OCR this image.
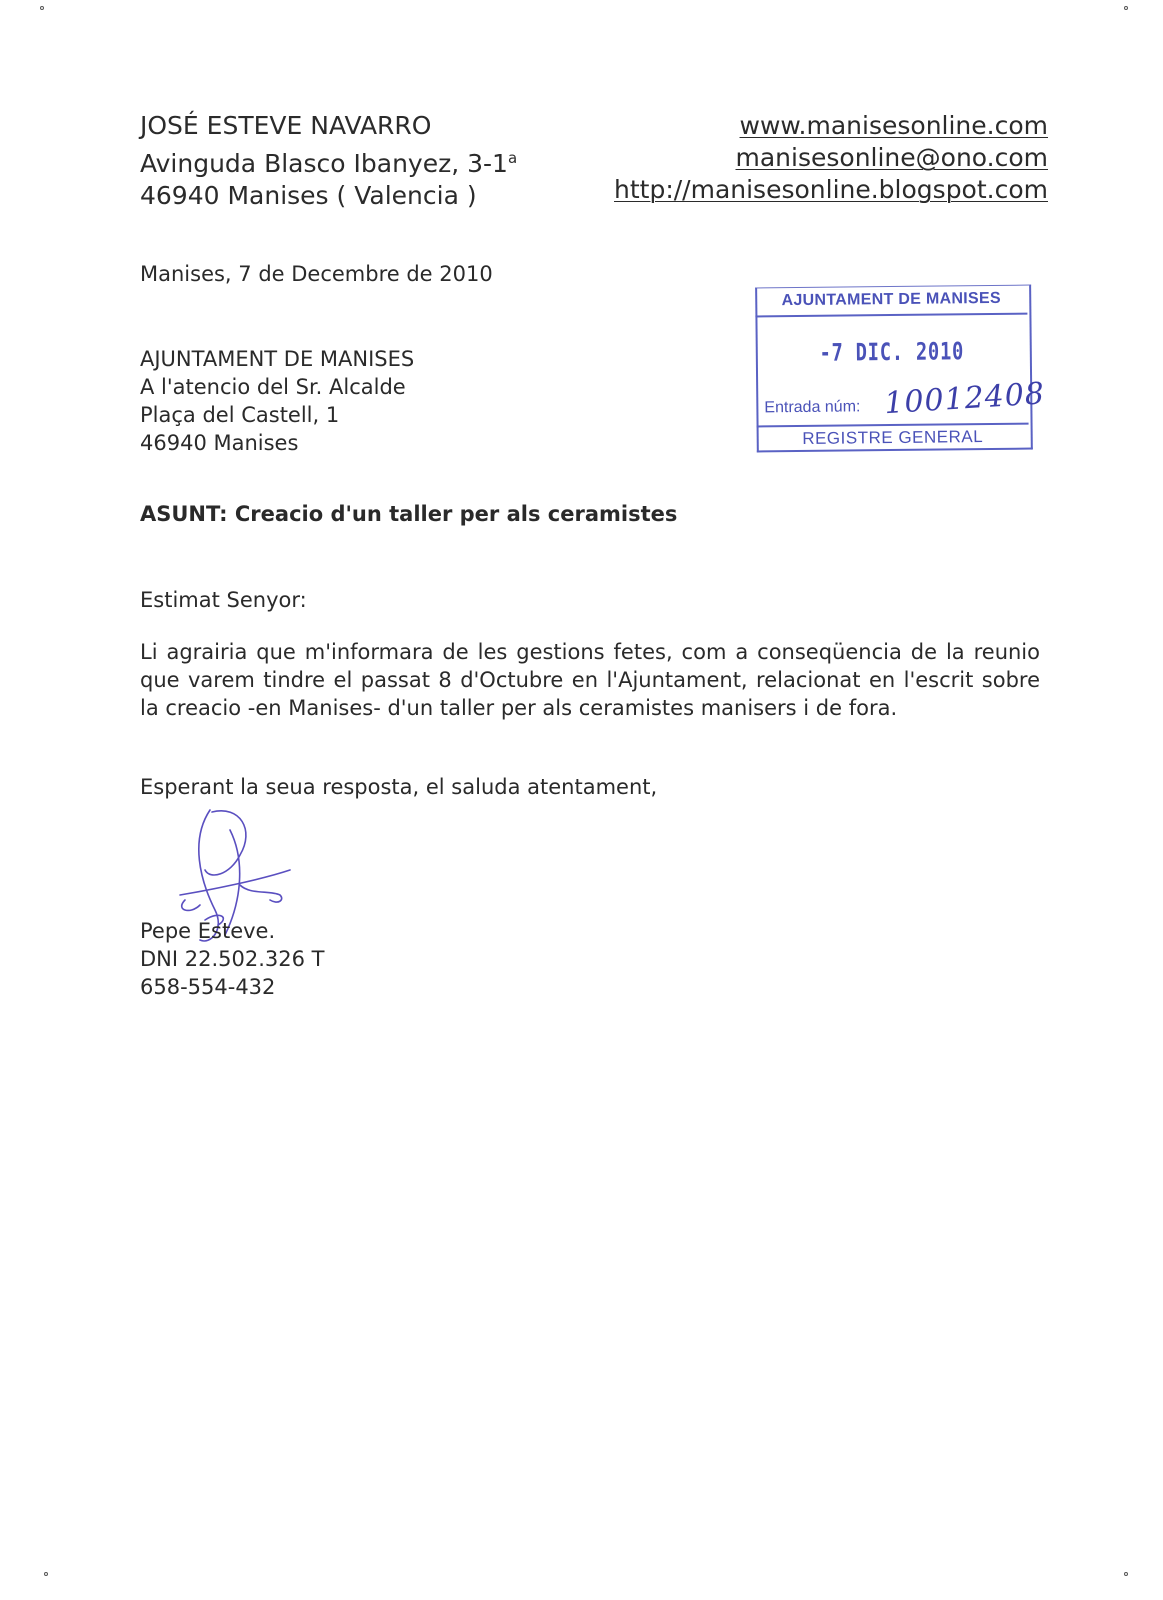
JOSÉ ESTEVE NAVARRO
Avinguda Blasco Ibanyez, 3-1$^a$
46940 Manises ( Valencia )
www.manisesonline.com
manisesonline@ono.com
http://manisesonline.blogspot.com
Manises, 7 de Decembre de 2010
AJUNTAMENT DE MANISES
A l'atencio del Sr. Alcalde
Plaça del Castell, 1
46940 Manises
AJUNTAMENT DE MANISES
-7 DIC. 2010
Entrada núm: 10012408
REGISTRE GENERAL
ASUNT: Creacio d'un taller per als ceramistes
Estimat Senyor:
Li agrairia que m'informara de les gestions fetes, com a conseqüencia de la reunio que varem tindre el passat 8 d'Octubre en l'Ajuntament, relacionat en l'escrit sobre la creacio -en Manises- d'un taller per als ceramistes manisers i de fora.
Esperant la seua resposta, el saluda atentament,
Pepe Esteve.
DNI 22.502.326 T
658-554-432
